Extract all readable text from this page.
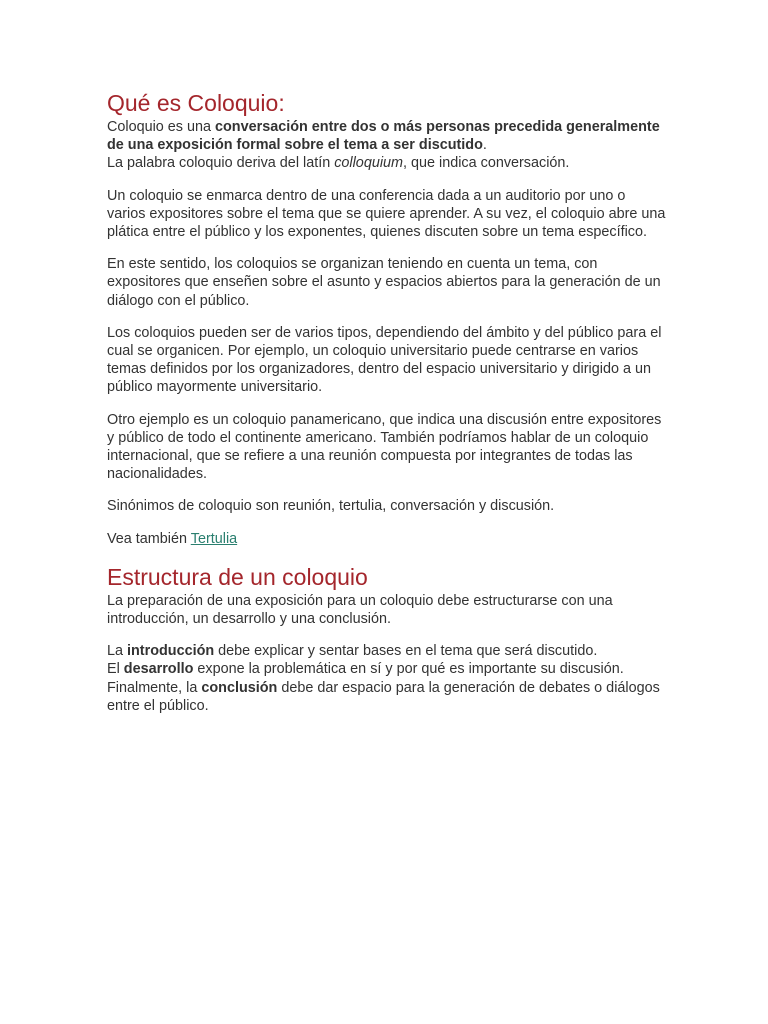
Qué es Coloquio:

Coloquio es una conversación entre dos o más personas precedida generalmente de una exposición formal sobre el tema a ser discutido.
La palabra coloquio deriva del latín colloquium, que indica conversación.

Un coloquio se enmarca dentro de una conferencia dada a un auditorio por uno o varios expositores sobre el tema que se quiere aprender. A su vez, el coloquio abre una plática entre el público y los exponentes, quienes discuten sobre un tema específico.

En este sentido, los coloquios se organizan teniendo en cuenta un tema, con expositores que enseñen sobre el asunto y espacios abiertos para la generación de un diálogo con el público.

Los coloquios pueden ser de varios tipos, dependiendo del ámbito y del público para el cual se organicen. Por ejemplo, un coloquio universitario puede centrarse en varios temas definidos por los organizadores, dentro del espacio universitario y dirigido a un público mayormente universitario.

Otro ejemplo es un coloquio panamericano, que indica una discusión entre expositores y público de todo el continente americano. También podríamos hablar de un coloquio internacional, que se refiere a una reunión compuesta por integrantes de todas las nacionalidades.

Sinónimos de coloquio son reunión, tertulia, conversación y discusión.

Vea también Tertulia

Estructura de un coloquio

La preparación de una exposición para un coloquio debe estructurarse con una introducción, un desarrollo y una conclusión.

La introducción debe explicar y sentar bases en el tema que será discutido.
El desarrollo expone la problemática en sí y por qué es importante su discusión.
Finalmente, la conclusión debe dar espacio para la generación de debates o diálogos entre el público.
